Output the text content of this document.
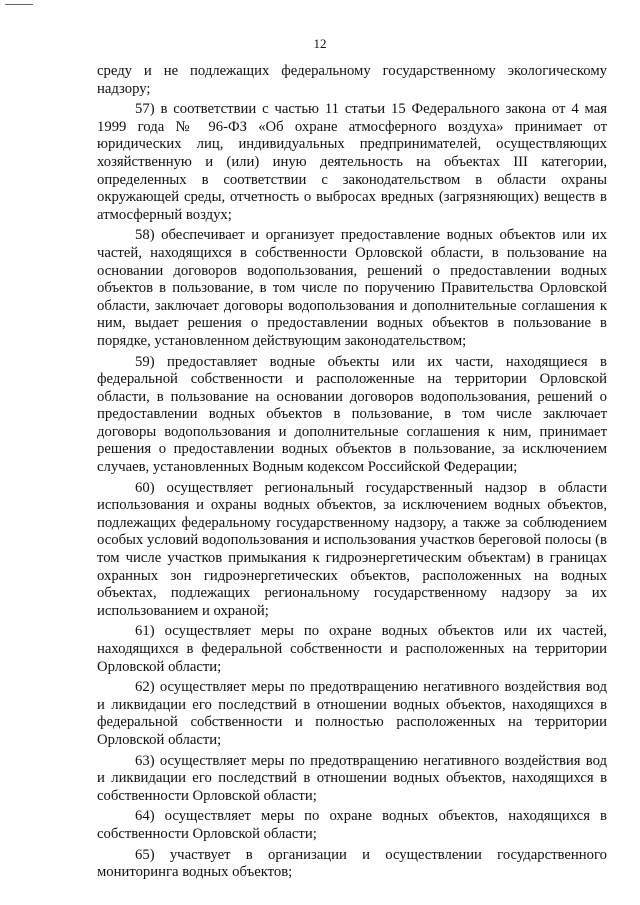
12

среду и не подлежащих федеральному государственному экологическому надзору;

57) в соответствии с частью 11 статьи 15 Федерального закона от 4 мая 1999 года № 96-ФЗ «Об охране атмосферного воздуха» принимает от юридических лиц, индивидуальных предпринимателей, осуществляющих хозяйственную и (или) иную деятельность на объектах III категории, определенных в соответствии с законодательством в области охраны окружающей среды, отчетность о выбросах вредных (загрязняющих) веществ в атмосферный воздух;

58) обеспечивает и организует предоставление водных объектов или их частей, находящихся в собственности Орловской области, в пользование на основании договоров водопользования, решений о предоставлении водных объектов в пользование, в том числе по поручению Правительства Орловской области, заключает договоры водопользования и дополнительные соглашения к ним, выдает решения о предоставлении водных объектов в пользование в порядке, установленном действующим законодательством;

59) предоставляет водные объекты или их части, находящиеся в федеральной собственности и расположенные на территории Орловской области, в пользование на основании договоров водопользования, решений о предоставлении водных объектов в пользование, в том числе заключает договоры водопользования и дополнительные соглашения к ним, принимает решения о предоставлении водных объектов в пользование, за исключением случаев, установленных Водным кодексом Российской Федерации;

60) осуществляет региональный государственный надзор в области использования и охраны водных объектов, за исключением водных объектов, подлежащих федеральному государственному надзору, а также за соблюдением особых условий водопользования и использования участков береговой полосы (в том числе участков примыкания к гидроэнергетическим объектам) в границах охранных зон гидроэнергетических объектов, расположенных на водных объектах, подлежащих региональному государственному надзору за их использованием и охраной;

61) осуществляет меры по охране водных объектов или их частей, находящихся в федеральной собственности и расположенных на территории Орловской области;

62) осуществляет меры по предотвращению негативного воздействия вод и ликвидации его последствий в отношении водных объектов, находящихся в федеральной собственности и полностью расположенных на территории Орловской области;

63) осуществляет меры по предотвращению негативного воздействия вод и ликвидации его последствий в отношении водных объектов, находящихся в собственности Орловской области;

64) осуществляет меры по охране водных объектов, находящихся в собственности Орловской области;

65) участвует в организации и осуществлении государственного мониторинга водных объектов;
